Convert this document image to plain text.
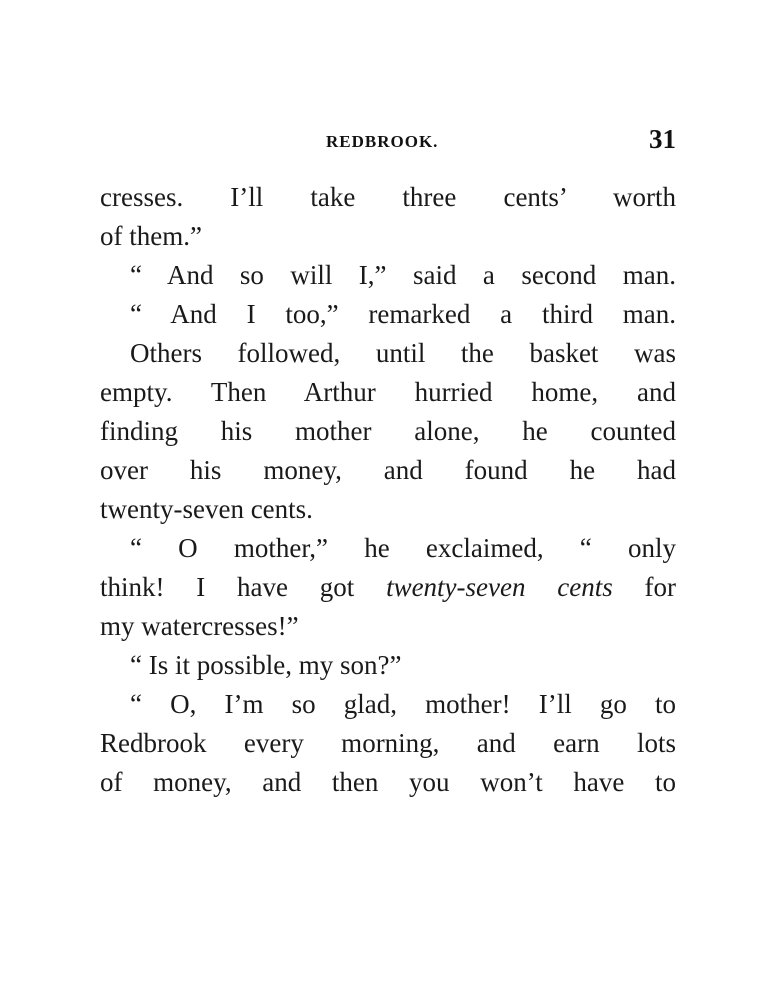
REDBROOK.	31
cresses. I’ll take three cents’ worth
of them.”
“ And so will I,” said a second man.
“ And I too,” remarked a third man.
Others followed, until the basket was
empty. Then Arthur hurried home, and
finding his mother alone, he counted
over his money, and found he had
twenty-seven cents.
“ O mother,” he exclaimed, “ only
think! I have got twenty-seven cents for
my watercresses!”
“ Is it possible, my son?”
“ O, I’m so glad, mother! I’ll go to
Redbrook every morning, and earn lots
of money, and then you won’t have to
